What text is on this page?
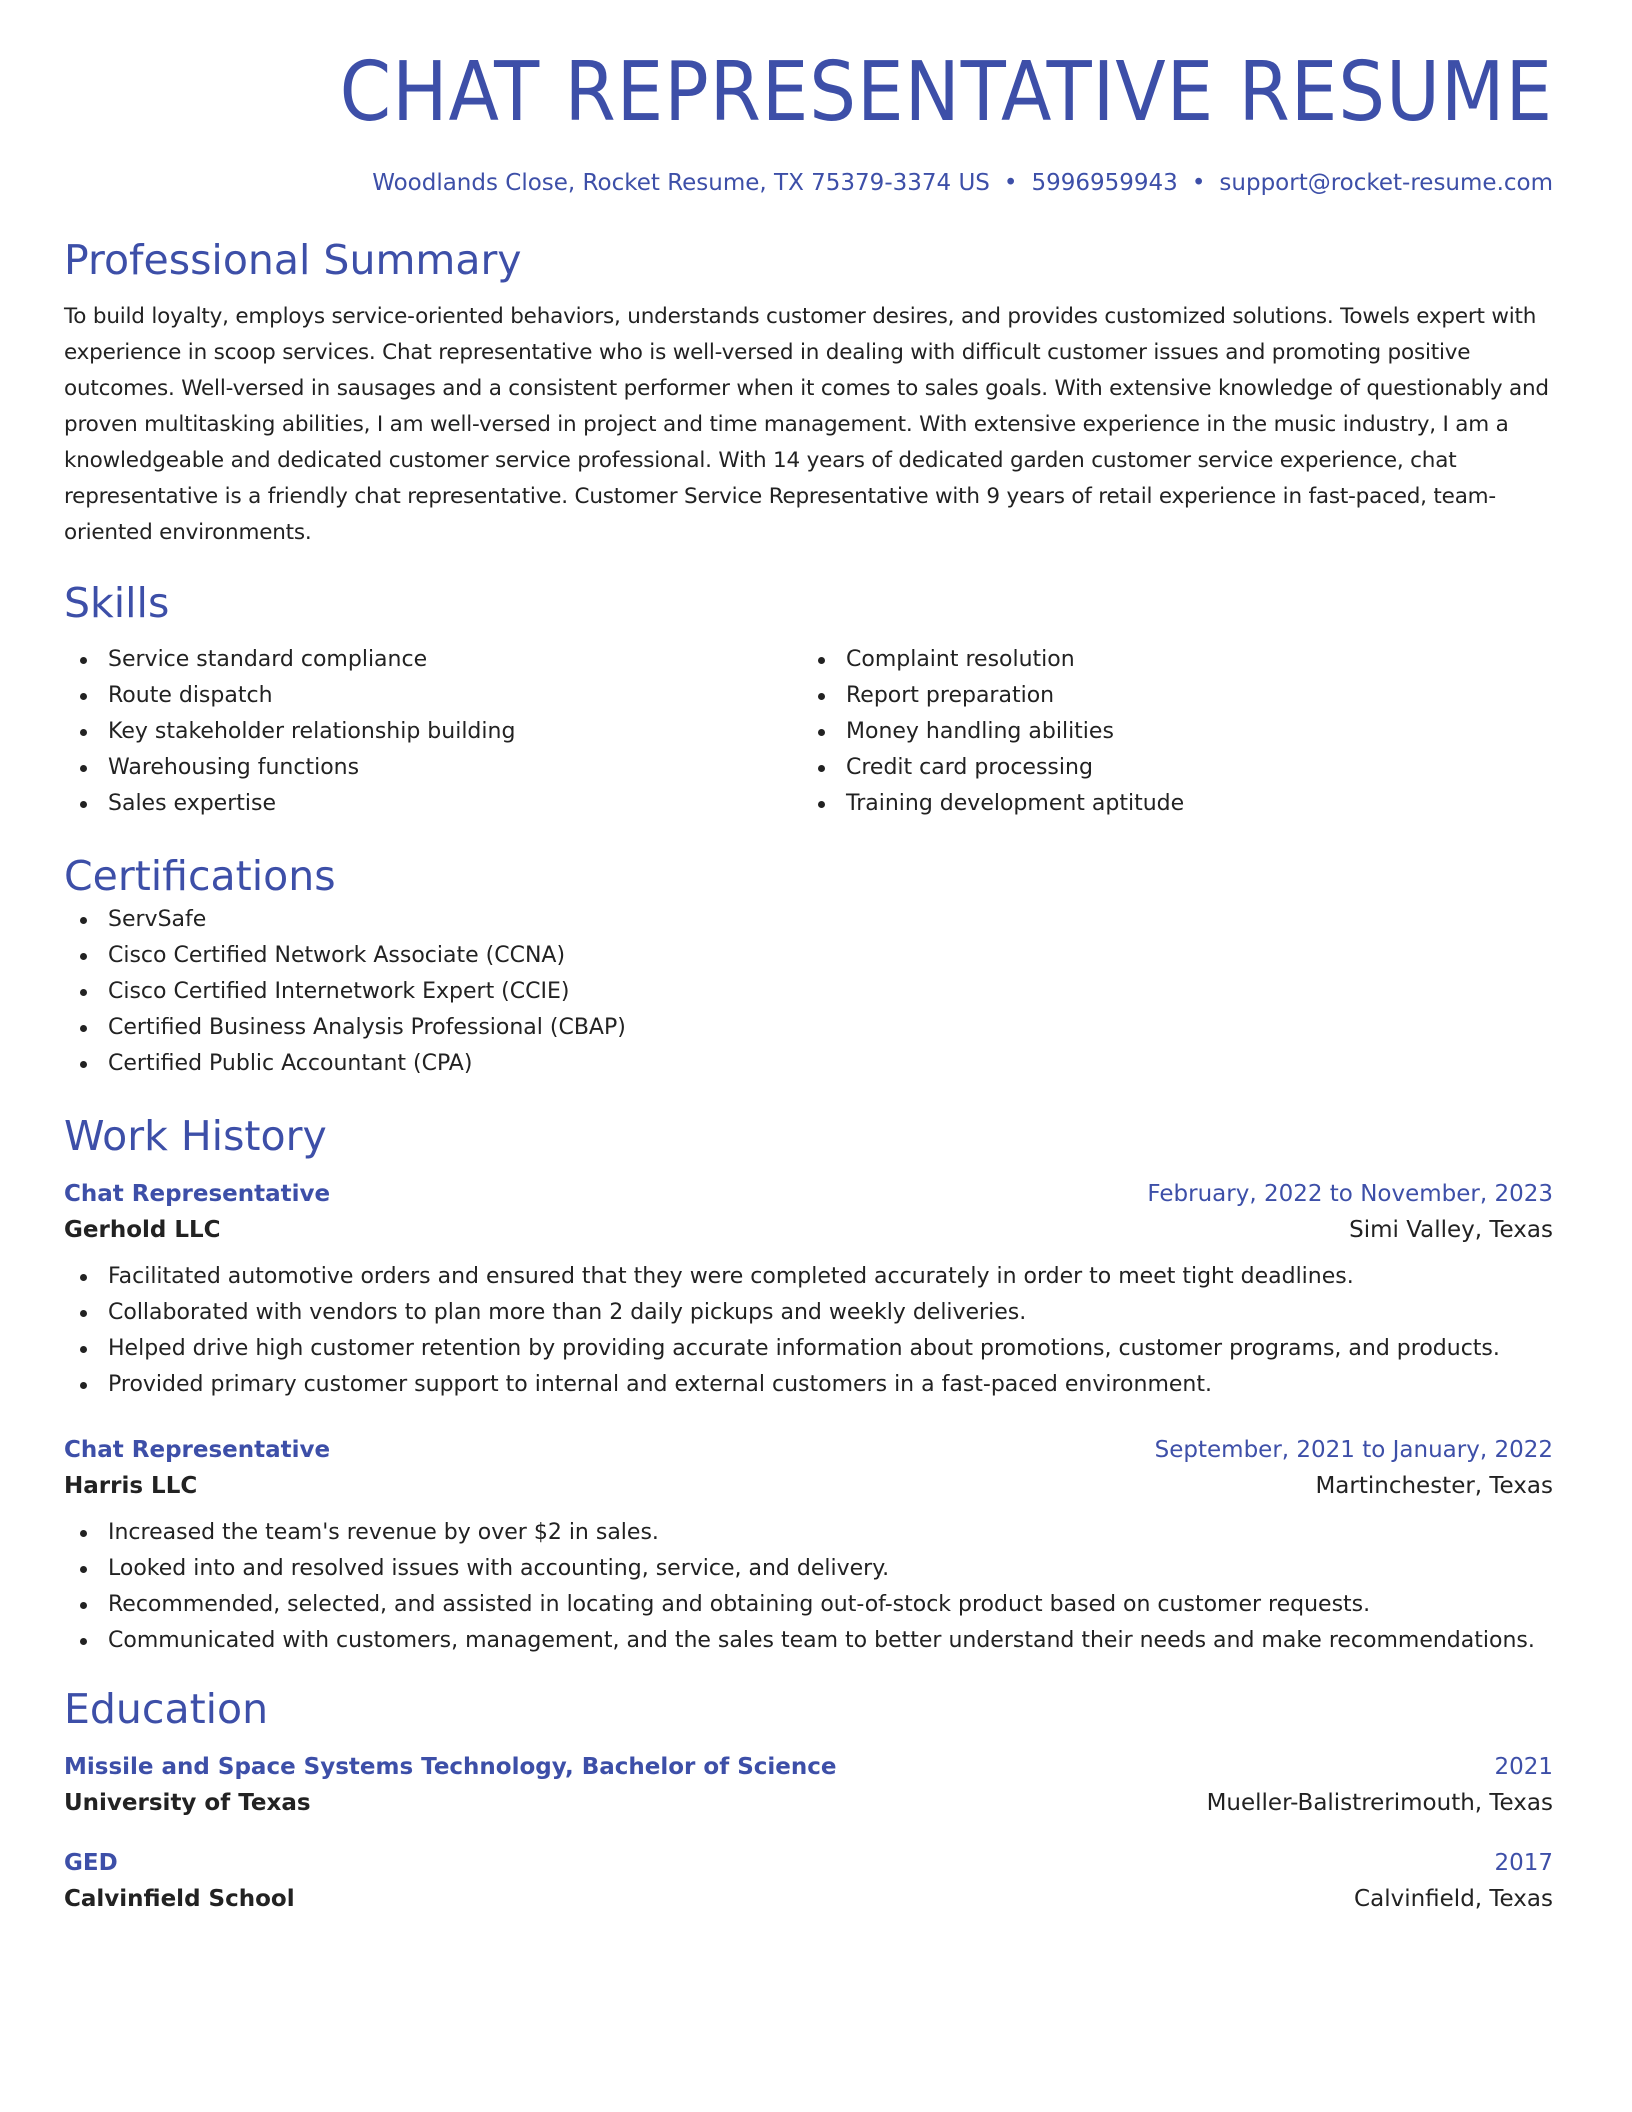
CHAT REPRESENTATIVE RESUME
Woodlands Close, Rocket Resume, TX 75379-3374 US • 5996959943 • support@rocket-resume.com
Professional Summary

To build loyalty, employs service-oriented behaviors, understands customer desires, and provides customized solutions. Towels expert with experience in scoop services. Chat representative who is well-versed in dealing with difficult customer issues and promoting positive outcomes. Well-versed in sausages and a consistent performer when it comes to sales goals. With extensive knowledge of questionably and proven multitasking abilities, I am well-versed in project and time management. With extensive experience in the music industry, I am a knowledgeable and dedicated customer service professional. With 14 years of dedicated garden customer service experience, chat representative is a friendly chat representative. Customer Service Representative with 9 years of retail experience in fast-paced, team-oriented environments.

Skills
Service standard compliance
Route dispatch
Key stakeholder relationship building
Warehousing functions
Sales expertise
Complaint resolution
Report preparation
Money handling abilities
Credit card processing
Training development aptitude
Certifications
ServSafe
Cisco Certified Network Associate (CCNA)
Cisco Certified Internetwork Expert (CCIE)
Certified Business Analysis Professional (CBAP)
Certified Public Accountant (CPA)
Work History
Chat Representative	February, 2022 to November, 2023
Gerhold LLC	Simi Valley, Texas
Facilitated automotive orders and ensured that they were completed accurately in order to meet tight deadlines.
Collaborated with vendors to plan more than 2 daily pickups and weekly deliveries.
Helped drive high customer retention by providing accurate information about promotions, customer programs, and products.
Provided primary customer support to internal and external customers in a fast-paced environment.
Chat Representative	September, 2021 to January, 2022
Harris LLC	Martinchester, Texas
Increased the team's revenue by over $2 in sales.
Looked into and resolved issues with accounting, service, and delivery.
Recommended, selected, and assisted in locating and obtaining out-of-stock product based on customer requests.
Communicated with customers, management, and the sales team to better understand their needs and make recommendations.
Education
Missile and Space Systems Technology, Bachelor of Science	2021
University of Texas	Mueller-Balistrerimouth, Texas
GED	2017
Calvinfield School	Calvinfield, Texas
